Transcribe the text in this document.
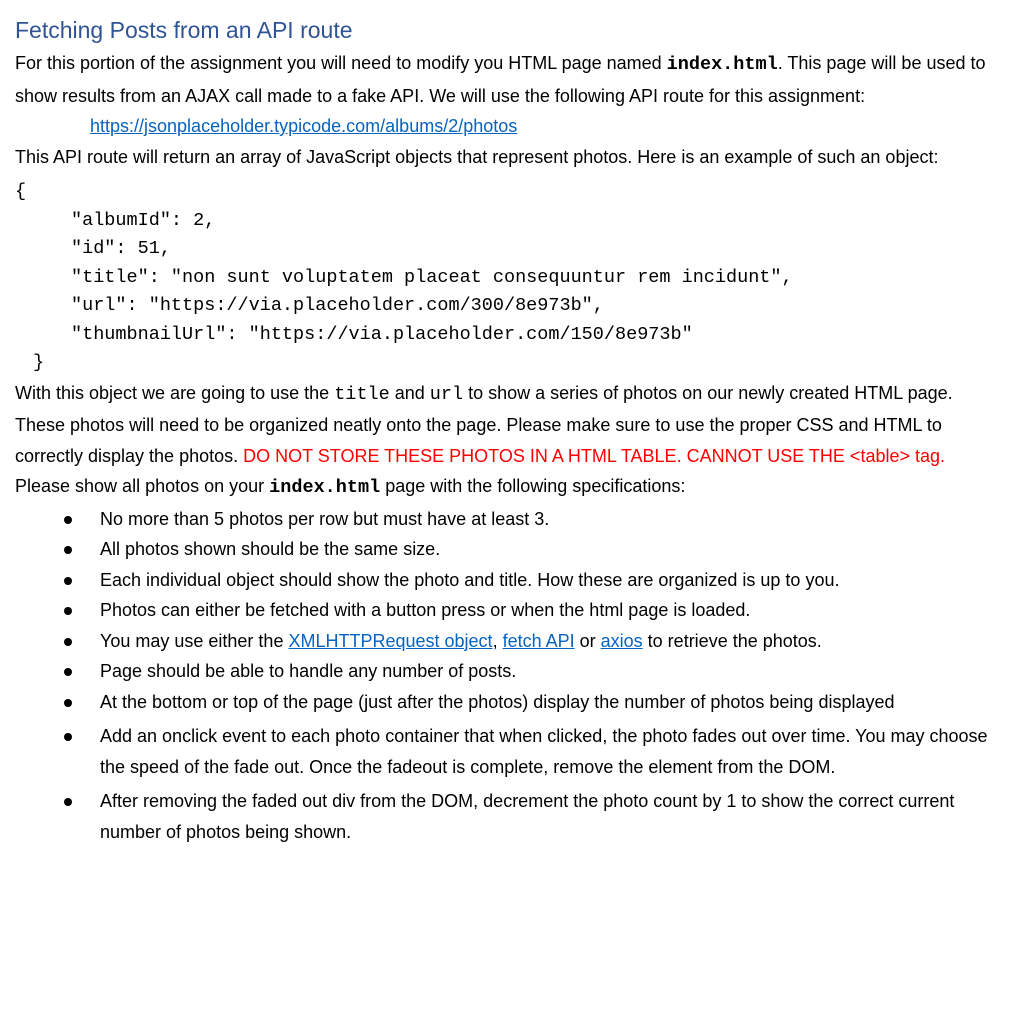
Fetching Posts from an API route

For this portion of the assignment you will need to modify you HTML page named index.html. This page will be used to show results from an AJAX call made to a fake API. We will use the following API route for this assignment:

https://jsonplaceholder.typicode.com/albums/2/photos

This API route will return an array of JavaScript objects that represent photos. Here is an example of such an object:

{
"albumId": 2,
"id": 51,
"title": "non sunt voluptatem placeat consequuntur rem incidunt",
"url": "https://via.placeholder.com/300/8e973b",
"thumbnailUrl": "https://via.placeholder.com/150/8e973b"
}

With this object we are going to use the title and url to show a series of photos on our newly created HTML page. These photos will need to be organized neatly onto the page. Please make sure to use the proper CSS and HTML to correctly display the photos. DO NOT STORE THESE PHOTOS IN A HTML TABLE. CANNOT USE THE <table> tag. Please show all photos on your index.html page with the following specifications:

No more than 5 photos per row but must have at least 3.
All photos shown should be the same size.
Each individual object should show the photo and title. How these are organized is up to you.
Photos can either be fetched with a button press or when the html page is loaded.
You may use either the XMLHTTPRequest object, fetch API or axios to retrieve the photos.
Page should be able to handle any number of posts.
At the bottom or top of the page (just after the photos) display the number of photos being displayed
Add an onclick event to each photo container that when clicked, the photo fades out over time. You may choose the speed of the fade out. Once the fadeout is complete, remove the element from the DOM.
After removing the faded out div from the DOM, decrement the photo count by 1 to show the correct current number of photos being shown.
